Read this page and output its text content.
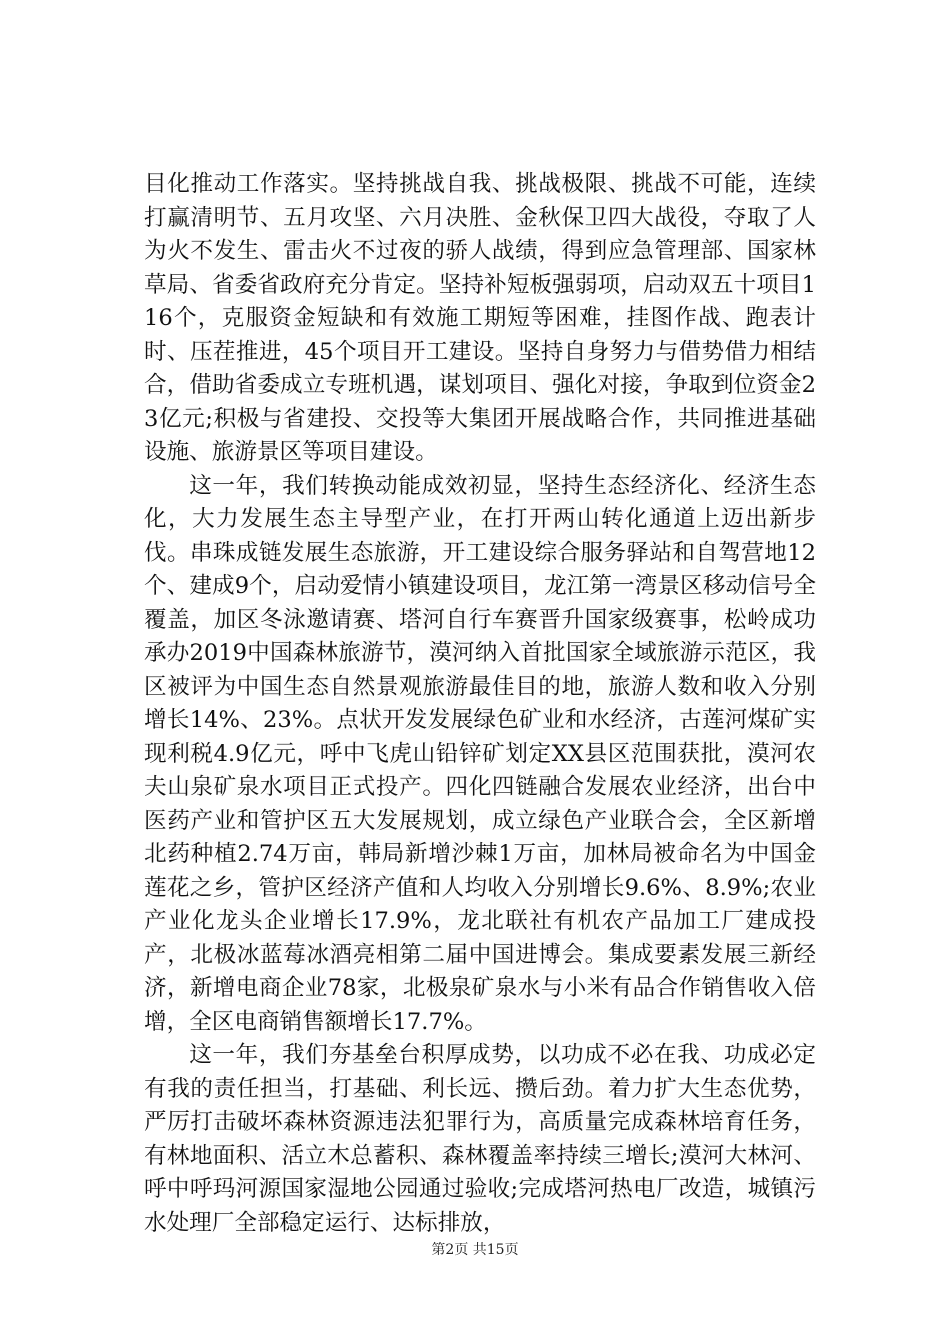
目化推动工作落实。坚持挑战自我、挑战极限、挑战不可能，连续打赢清明节、五月攻坚、六月决胜、金秋保卫四大战役，夺取了人为火不发生、雷击火不过夜的骄人战绩，得到应急管理部、国家林草局、省委省政府充分肯定。坚持补短板强弱项，启动双五十项目116个，克服资金短缺和有效施工期短等困难，挂图作战、跑表计时、压茬推进，45个项目开工建设。坚持自身努力与借势借力相结合，借助省委成立专班机遇，谋划项目、强化对接，争取到位资金23亿元;积极与省建投、交投等大集团开展战略合作，共同推进基础设施、旅游景区等项目建设。

这一年，我们转换动能成效初显，坚持生态经济化、经济生态化，大力发展生态主导型产业，在打开两山转化通道上迈出新步伐。串珠成链发展生态旅游，开工建设综合服务驿站和自驾营地12个、建成9个，启动爱情小镇建设项目，龙江第一湾景区移动信号全覆盖，加区冬泳邀请赛、塔河自行车赛晋升国家级赛事，松岭成功承办2019中国森林旅游节，漠河纳入首批国家全域旅游示范区，我区被评为中国生态自然景观旅游最佳目的地，旅游人数和收入分别增长14%、23%。点状开发发展绿色矿业和水经济，古莲河煤矿实现利税4.9亿元，呼中飞虎山铅锌矿划定XX县区范围获批，漠河农夫山泉矿泉水项目正式投产。四化四链融合发展农业经济，出台中医药产业和管护区五大发展规划，成立绿色产业联合会，全区新增北药种植2.74万亩，韩局新增沙棘1万亩，加林局被命名为中国金莲花之乡，管护区经济产值和人均收入分别增长9.6%、8.9%;农业产业化龙头企业增长17.9%，龙北联社有机农产品加工厂建成投产，北极冰蓝莓冰酒亮相第二届中国进博会。集成要素发展三新经济，新增电商企业78家，北极泉矿泉水与小米有品合作销售收入倍增，全区电商销售额增长17.7%。

这一年，我们夯基垒台积厚成势，以功成不必在我、功成必定有我的责任担当，打基础、利长远、攒后劲。着力扩大生态优势，严厉打击破坏森林资源违法犯罪行为，高质量完成森林培育任务，有林地面积、活立木总蓄积、森林覆盖率持续三增长;漠河大林河、呼中呼玛河源国家湿地公园通过验收;完成塔河热电厂改造，城镇污水处理厂全部稳定运行、达标排放，

第2页 共15页
